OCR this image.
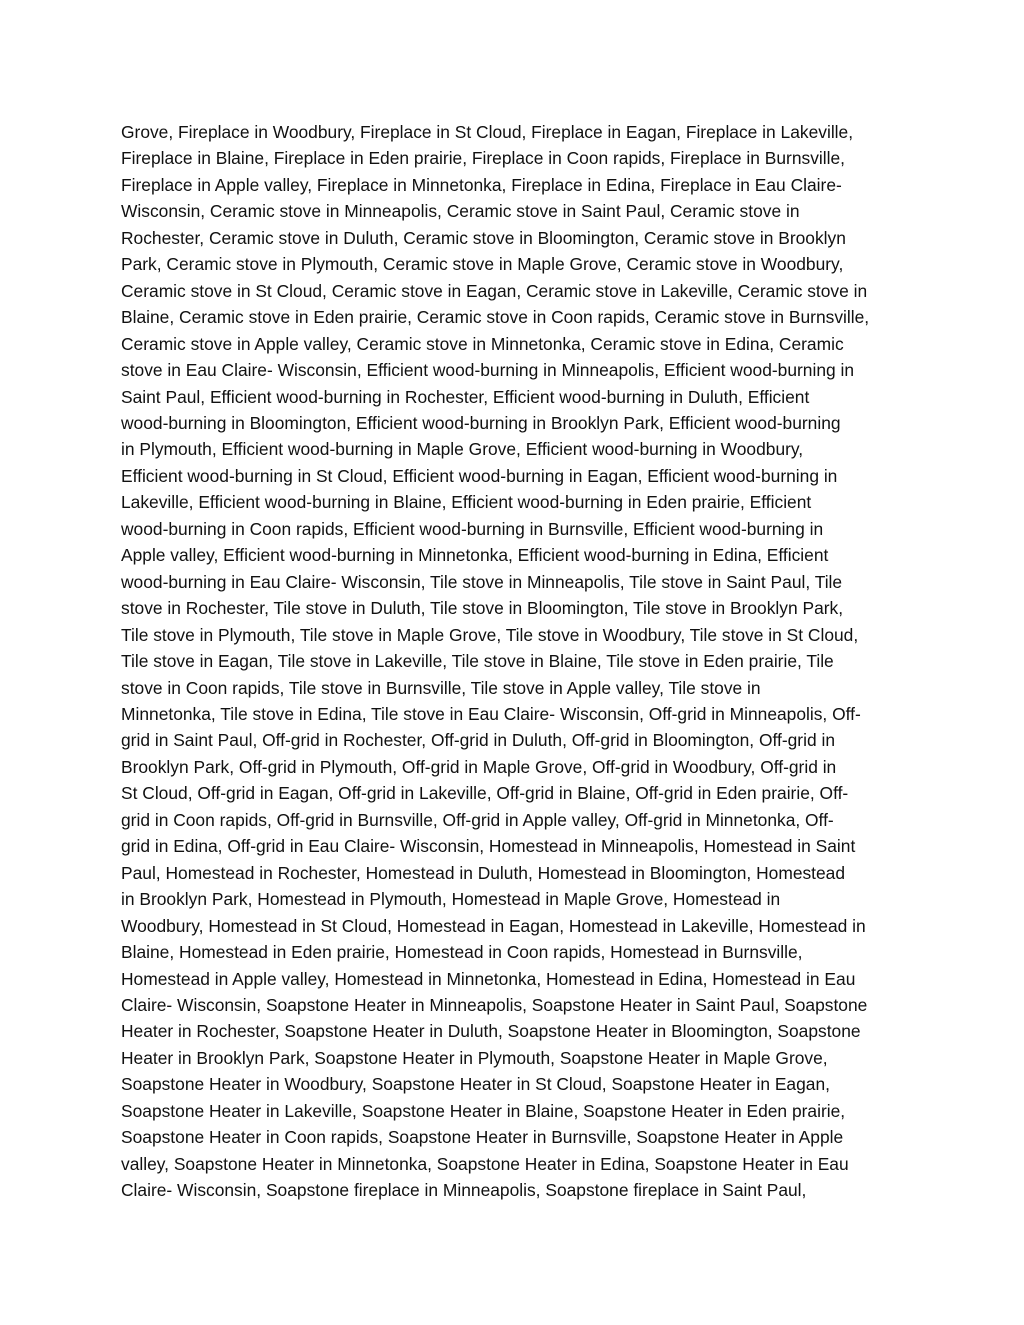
Grove, Fireplace in Woodbury, Fireplace in St Cloud, Fireplace in Eagan, Fireplace in Lakeville,
Fireplace in Blaine, Fireplace in Eden prairie, Fireplace in Coon rapids, Fireplace in Burnsville,
Fireplace in Apple valley, Fireplace in Minnetonka, Fireplace in Edina, Fireplace in Eau Claire-
Wisconsin, Ceramic stove in Minneapolis, Ceramic stove in Saint Paul, Ceramic stove in
Rochester, Ceramic stove in Duluth, Ceramic stove in Bloomington, Ceramic stove in Brooklyn
Park, Ceramic stove in Plymouth, Ceramic stove in Maple Grove, Ceramic stove in Woodbury,
Ceramic stove in St Cloud, Ceramic stove in Eagan, Ceramic stove in Lakeville, Ceramic stove in
Blaine, Ceramic stove in Eden prairie, Ceramic stove in Coon rapids, Ceramic stove in Burnsville,
Ceramic stove in Apple valley, Ceramic stove in Minnetonka, Ceramic stove in Edina, Ceramic
stove in Eau Claire- Wisconsin, Efficient wood-burning in Minneapolis, Efficient wood-burning in
Saint Paul, Efficient wood-burning in Rochester, Efficient wood-burning in Duluth, Efficient
wood-burning in Bloomington, Efficient wood-burning in Brooklyn Park, Efficient wood-burning
in Plymouth, Efficient wood-burning in Maple Grove, Efficient wood-burning in Woodbury,
Efficient wood-burning in St Cloud, Efficient wood-burning in Eagan, Efficient wood-burning in
Lakeville, Efficient wood-burning in Blaine, Efficient wood-burning in Eden prairie, Efficient
wood-burning in Coon rapids, Efficient wood-burning in Burnsville, Efficient wood-burning in
Apple valley, Efficient wood-burning in Minnetonka, Efficient wood-burning in Edina, Efficient
wood-burning in Eau Claire- Wisconsin, Tile stove in Minneapolis, Tile stove in Saint Paul, Tile
stove in Rochester, Tile stove in Duluth, Tile stove in Bloomington, Tile stove in Brooklyn Park,
Tile stove in Plymouth, Tile stove in Maple Grove, Tile stove in Woodbury, Tile stove in St Cloud,
Tile stove in Eagan, Tile stove in Lakeville, Tile stove in Blaine, Tile stove in Eden prairie, Tile
stove in Coon rapids, Tile stove in Burnsville, Tile stove in Apple valley, Tile stove in
Minnetonka, Tile stove in Edina, Tile stove in Eau Claire- Wisconsin, Off-grid in Minneapolis, Off-
grid in Saint Paul, Off-grid in Rochester, Off-grid in Duluth, Off-grid in Bloomington, Off-grid in
Brooklyn Park, Off-grid in Plymouth, Off-grid in Maple Grove, Off-grid in Woodbury, Off-grid in
St Cloud, Off-grid in Eagan, Off-grid in Lakeville, Off-grid in Blaine, Off-grid in Eden prairie, Off-
grid in Coon rapids, Off-grid in Burnsville, Off-grid in Apple valley, Off-grid in Minnetonka, Off-
grid in Edina, Off-grid in Eau Claire- Wisconsin, Homestead in Minneapolis, Homestead in Saint
Paul, Homestead in Rochester, Homestead in Duluth, Homestead in Bloomington, Homestead
in Brooklyn Park, Homestead in Plymouth, Homestead in Maple Grove, Homestead in
Woodbury, Homestead in St Cloud, Homestead in Eagan, Homestead in Lakeville, Homestead in
Blaine, Homestead in Eden prairie, Homestead in Coon rapids, Homestead in Burnsville,
Homestead in Apple valley, Homestead in Minnetonka, Homestead in Edina, Homestead in Eau
Claire- Wisconsin, Soapstone Heater in Minneapolis, Soapstone Heater in Saint Paul, Soapstone
Heater in Rochester, Soapstone Heater in Duluth, Soapstone Heater in Bloomington, Soapstone
Heater in Brooklyn Park, Soapstone Heater in Plymouth, Soapstone Heater in Maple Grove,
Soapstone Heater in Woodbury, Soapstone Heater in St Cloud, Soapstone Heater in Eagan,
Soapstone Heater in Lakeville, Soapstone Heater in Blaine, Soapstone Heater in Eden prairie,
Soapstone Heater in Coon rapids, Soapstone Heater in Burnsville, Soapstone Heater in Apple
valley, Soapstone Heater in Minnetonka, Soapstone Heater in Edina, Soapstone Heater in Eau
Claire- Wisconsin, Soapstone fireplace in Minneapolis, Soapstone fireplace in Saint Paul,
